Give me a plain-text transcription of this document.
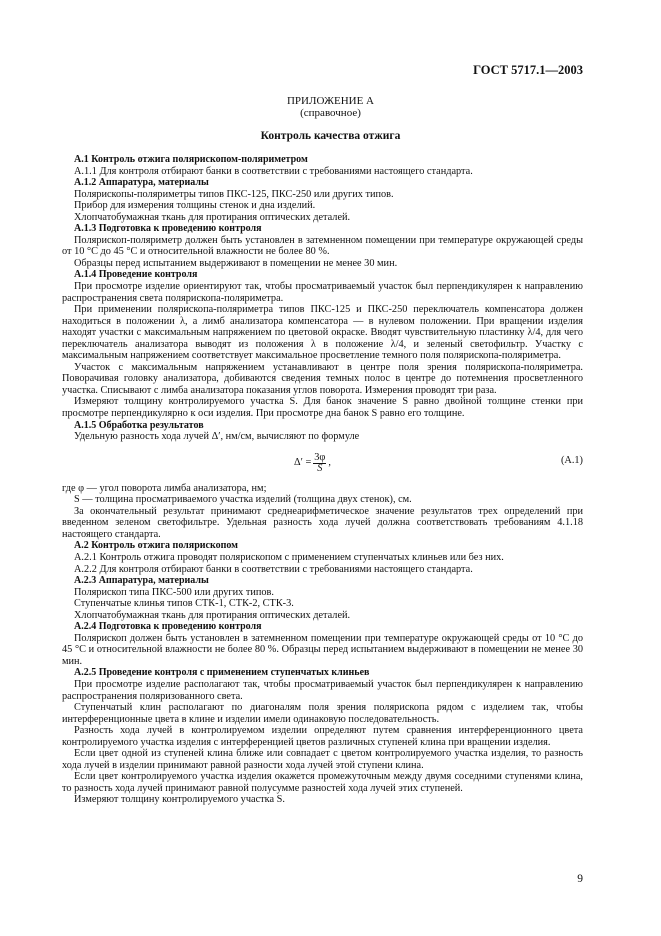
ГОСТ 5717.1—2003
ПРИЛОЖЕНИЕ А
(справочное)
Контроль качества отжига

А.1 Контроль отжига полярископом-поляриметром

А.1.1 Для контроля отбирают банки в соответствии с требованиями настоящего стандарта.

А.1.2 Аппаратура, материалы

Полярископы-поляриметры типов ПКС-125, ПКС-250 или других типов.

Прибор для измерения толщины стенок и дна изделий.

Хлопчатобумажная ткань для протирания оптических деталей.

А.1.3 Подготовка к проведению контроля

Полярископ-поляриметр должен быть установлен в затемненном помещении при температуре окружающей среды от 10 °С до 45 °С и относительной влажности не более 80 %.

Образцы перед испытанием выдерживают в помещении не менее 30 мин.

А.1.4 Проведение контроля

При просмотре изделие ориентируют так, чтобы просматриваемый участок был перпендикулярен к направлению распространения света полярископа-поляриметра.

При применении полярископа-поляриметра типов ПКС-125 и ПКС-250 переключатель компенсатора должен находиться в положении λ, а лимб анализатора компенсатора — в нулевом положении. При вращении изделия находят участки с максимальным напряжением по цветовой окраске. Вводят чувствительную пластинку λ/4, для чего переключатель анализатора выводят из положения λ в положение λ/4, и зеленый светофильтр. Участку с максимальным напряжением соответствует максимальное просветление темного поля полярископа-поляриметра.

Участок с максимальным напряжением устанавливают в центре поля зрения полярископа-поляриметра. Поворачивая головку анализатора, добиваются сведения темных полос в центре до потемнения просветленного участка. Списывают с лимба анализатора показания углов поворота. Измерения проводят три раза.

Измеряют толщину контролируемого участка S. Для банок значение S равно двойной толщине стенки при просмотре перпендикулярно к оси изделия. При просмотре дна банок S равно его толщине.

А.1.5 Обработка результатов

Удельную разность хода лучей Δ′, нм/см, вычисляют по формуле

$\Delta' = \frac{3\varphi}{S}$ ,	(А.1)

где φ — угол поворота лимба анализатора, нм;

S — толщина просматриваемого участка изделий (толщина двух стенок), см.

За окончательный результат принимают среднеарифметическое значение результатов трех определений при введенном зеленом светофильтре. Удельная разность хода лучей должна соответствовать требованиям 4.1.18 настоящего стандарта.

А.2 Контроль отжига полярископом

А.2.1 Контроль отжига проводят полярископом с применением ступенчатых клиньев или без них.

А.2.2 Для контроля отбирают банки в соответствии с требованиями настоящего стандарта.

А.2.3 Аппаратура, материалы

Полярископ типа ПКС-500 или других типов.

Ступенчатые клинья типов СТК-1, СТК-2, СТК-3.

Хлопчатобумажная ткань для протирания оптических деталей.

А.2.4 Подготовка к проведению контроля

Полярископ должен быть установлен в затемненном помещении при температуре окружающей среды от 10 °С до 45 °С и относительной влажности не более 80 %. Образцы перед испытанием выдерживают в помещении не менее 30 мин.

А.2.5 Проведение контроля с применением ступенчатых клиньев

При просмотре изделие располагают так, чтобы просматриваемый участок был перпендикулярен к направлению распространения поляризованного света.

Ступенчатый клин располагают по диагоналям поля зрения полярископа рядом с изделием так, чтобы интерференционные цвета в клине и изделии имели одинаковую последовательность.

Разность хода лучей в контролируемом изделии определяют путем сравнения интерференционного цвета контролируемого участка изделия с интерференцией цветов различных ступеней клина при вращении изделия.

Если цвет одной из ступеней клина ближе или совпадает с цветом контролируемого участка изделия, то разность хода лучей в изделии принимают равной разности хода лучей этой ступени клина.

Если цвет контролируемого участка изделия окажется промежуточным между двумя соседними ступенями клина, то разность хода лучей принимают равной полусумме разностей хода лучей этих ступеней.

Измеряют толщину контролируемого участка S.

9
